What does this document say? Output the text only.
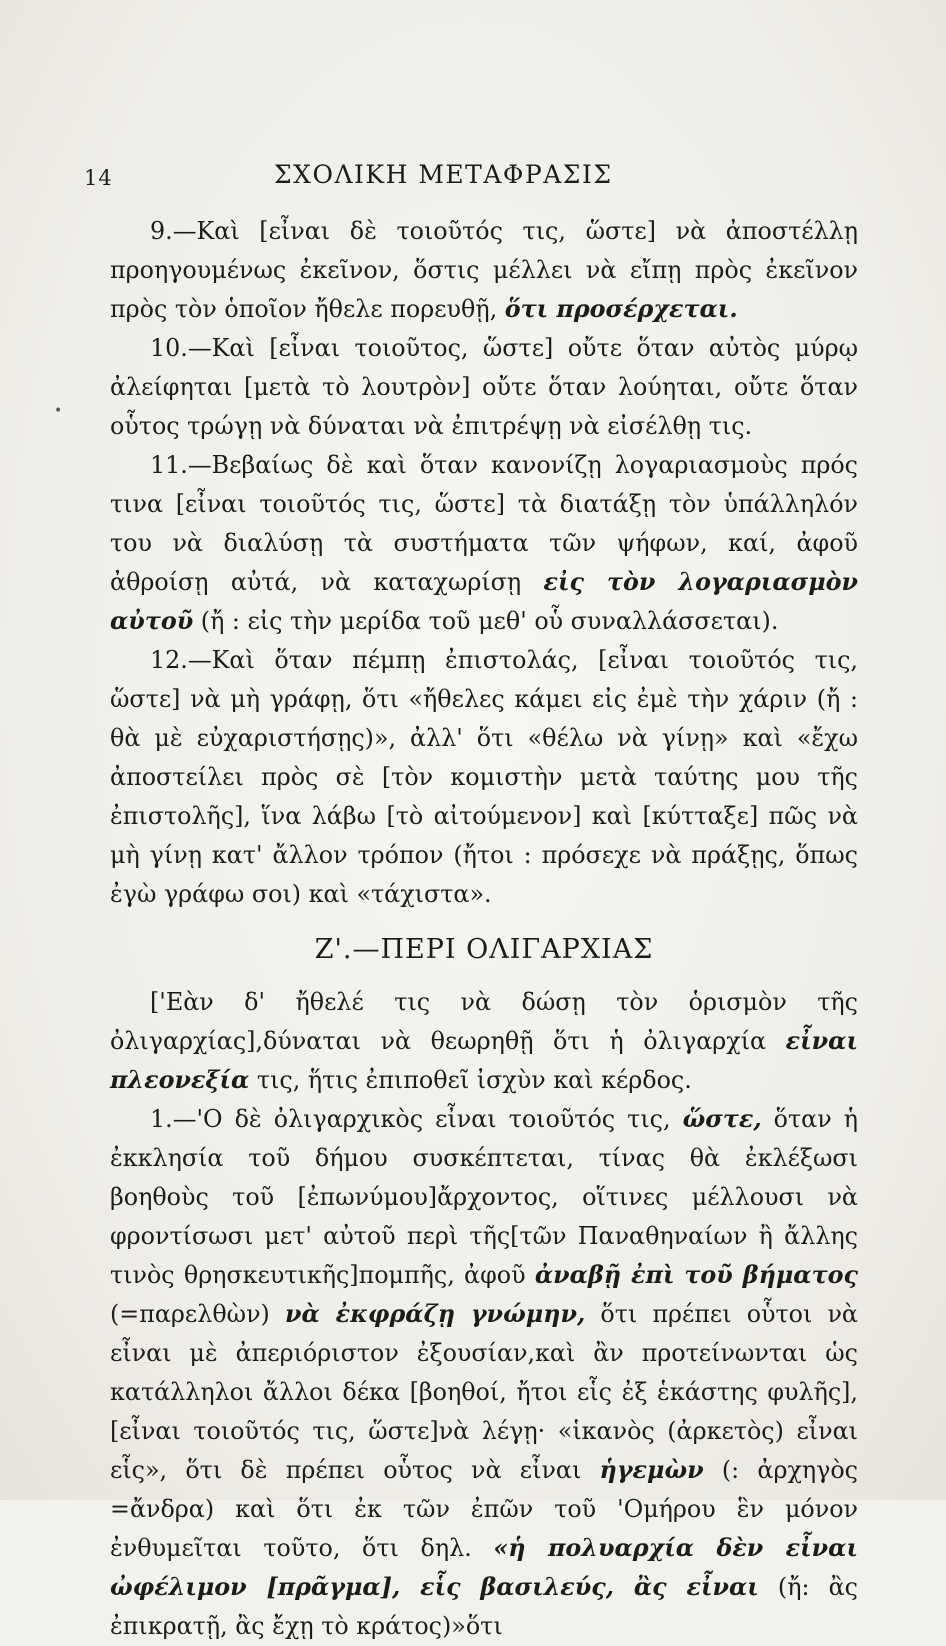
14	ΣΧΟΛΙΚΗ ΜΕΤΑΦΡΑΣΙΣ
•

9.—Καὶ [εἶναι δὲ τοιοῦτός τις, ὥστε] νὰ ἀποστέλλῃ προηγουμένως ἐκεῖνον, ὅστις μέλλει νὰ εἴπῃ πρὸς ἐκεῖνον πρὸς τὸν ὁποῖον ἤθελε πορευθῇ, ὅτι προσέρχεται.

10.—Καὶ [εἶναι τοιοῦτος, ὥστε] οὔτε ὅταν αὐτὸς μύρῳ ἀλείφηται [μετὰ τὸ λουτρὸν] οὔτε ὅταν λούηται, οὔτε ὅταν οὗτος τρώγῃ νὰ δύναται νὰ ἐπιτρέψῃ νὰ εἰσέλθῃ τις.

11.—Βεβαίως δὲ καὶ ὅταν κανονίζῃ λογαριασμοὺς πρός τινα [εἶναι τοιοῦτός τις, ὥστε] τὰ διατάξῃ τὸν ὑπάλληλόν του νὰ διαλύσῃ τὰ συστήματα τῶν ψήφων, καί, ἀφοῦ ἀθροίσῃ αὐτά, νὰ καταχωρίσῃ εἰς τὸν λογαριασμὸν αὐτοῦ (ἤ : εἰς τὴν μερίδα τοῦ μεθ' οὗ συναλλάσσεται).

12.—Καὶ ὅταν πέμπῃ ἐπιστολάς, [εἶναι τοιοῦτός τις, ὥστε] νὰ μὴ γράφῃ, ὅτι «ἤθελες κάμει εἰς ἐμὲ τὴν χάριν (ἤ : θὰ μὲ εὐχαριστήσῃς)», ἀλλ' ὅτι «θέλω νὰ γίνῃ» καὶ «ἔχω ἀποστείλει πρὸς σὲ [τὸν κομιστὴν μετὰ ταύτης μου τῆς ἐπιστολῆς], ἵνα λάβω [τὸ αἰτούμενον] καὶ [κύτταξε] πῶς νὰ μὴ γίνῃ κατ' ἄλλον τρόπον (ἤτοι : πρόσεχε νὰ πράξῃς, ὅπως ἐγὼ γράφω σοι) καὶ «τάχιστα».

Ζ'.—ΠΕΡΙ ΟΛΙΓΑΡΧΙΑΣ

['Εὰν δ' ἤθελέ τις νὰ δώσῃ τὸν ὁρισμὸν τῆς ὀλιγαρχίας],δύναται νὰ θεωρηθῇ ὅτι ἡ ὀλιγαρχία εἶναι πλεονεξία τις, ἥτις ἐπιποθεῖ ἰσχὺν καὶ κέρδος.

1.—'Ο δὲ ὀλιγαρχικὸς εἶναι τοιοῦτός τις, ὥστε, ὅταν ἡ ἐκκλησία τοῦ δήμου συσκέπτεται, τίνας θὰ ἐκλέξωσι βοηθοὺς τοῦ [ἐπωνύμου]ἄρχοντος, οἵτινες μέλλουσι νὰ φροντίσωσι μετ' αὐτοῦ περὶ τῆς[τῶν Παναθηναίων ἢ ἄλλης τινὸς θρησκευτικῆς]πομπῆς, ἀφοῦ ἀναβῇ ἐπὶ τοῦ βήματος (=παρελθὼν) νὰ ἐκφράζῃ γνώμην, ὅτι πρέπει οὗτοι νὰ εἶναι μὲ ἀπεριόριστον ἐξουσίαν,καὶ ἂν προτείνωνται ὡς κατάλληλοι ἄλλοι δέκα [βοηθοί, ἤτοι εἷς ἐξ ἑκάστης φυλῆς],[εἶναι τοιοῦτός τις, ὥστε]νὰ λέγῃ· «ἱκανὸς (ἀρκετὸς) εἶναι εἷς», ὅτι δὲ πρέπει οὗτος νὰ εἶναι ἡγεμὼν (: ἀρχηγὸς =ἄνδρα) καὶ ὅτι ἐκ τῶν ἐπῶν τοῦ 'Ομήρου ἓν μόνον ἐνθυμεῖται τοῦτο, ὅτι δηλ. «ἡ πολυαρχία δὲν εἶναι ὠφέλιμον [πρᾶγμα], εἷς βασιλεύς, ἂς εἶναι (ἤ: ἂς ἐπικρατῇ, ἂς ἔχῃ τὸ κράτος)»ὅτι
